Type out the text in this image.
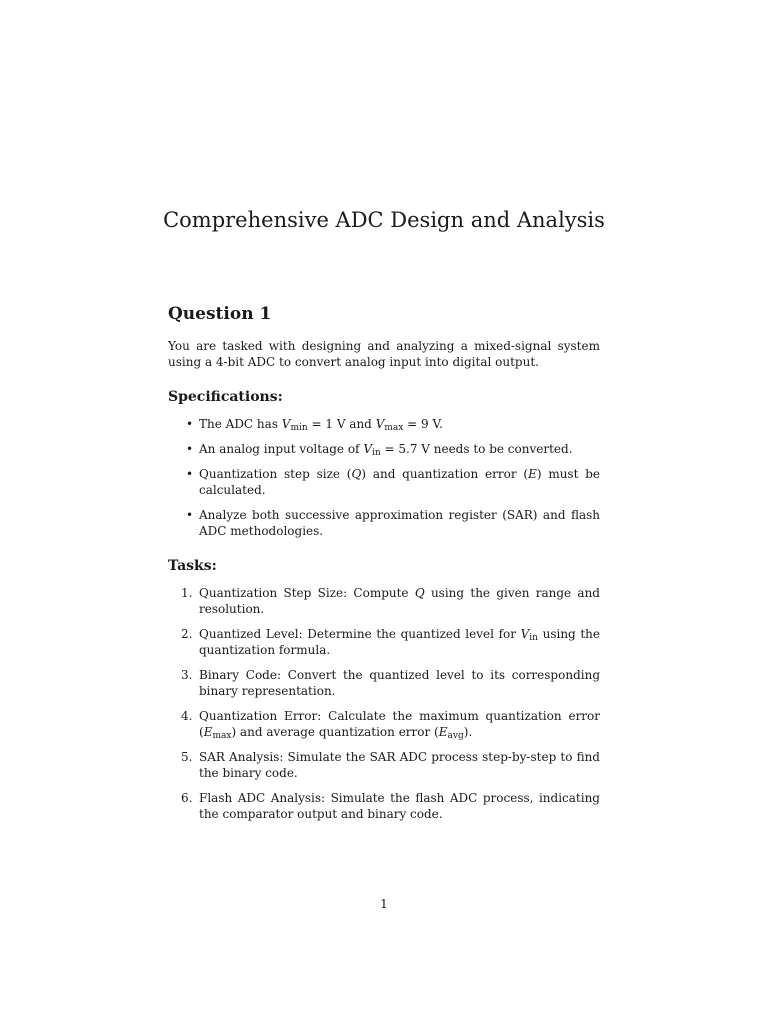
Comprehensive ADC Design and Analysis
Question 1

You are tasked with designing and analyzing a mixed-signal system using a 4-bit ADC to convert analog input into digital output.

Specifications:
• The ADC has $V_{min} = 1$ V and $V_{max} = 9$ V.
• An analog input voltage of $V_{in} = 5.7$ V needs to be converted.
• Quantization step size (Q) and quantization error (E) must be calculated.
• Analyze both successive approximation register (SAR) and flash ADC methodologies.
Tasks:
1. Quantization Step Size: Compute Q using the given range and resolution.
2. Quantized Level: Determine the quantized level for $V_{in}$ using the quantization formula.
3. Binary Code: Convert the quantized level to its corresponding binary representation.
4. Quantization Error: Calculate the maximum quantization error $(E_{max})$ and average quantization error $(E_{avg})$.
5. SAR Analysis: Simulate the SAR ADC process step-by-step to find the binary code.
6. Flash ADC Analysis: Simulate the flash ADC process, indicating the comparator output and binary code.
1
